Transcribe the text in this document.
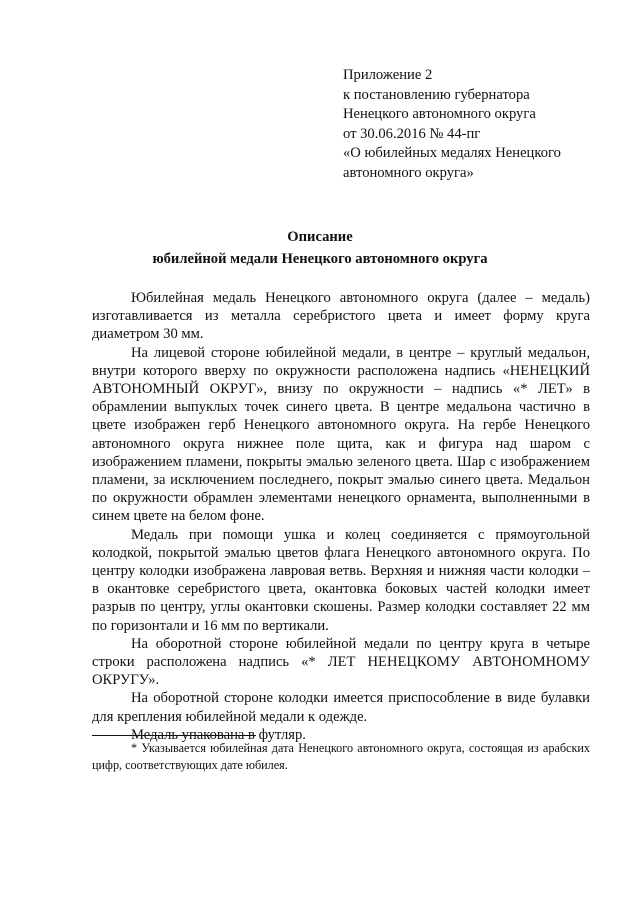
Приложение 2
к постановлению губернатора
Ненецкого автономного округа
от 30.06.2016 № 44-пг
«О юбилейных медалях Ненецкого
автономного округа»
Описание
юбилейной медали Ненецкого автономного округа

Юбилейная медаль Ненецкого автономного округа (далее – медаль) изготавливается из металла серебристого цвета и имеет форму круга диаметром 30 мм.

На лицевой стороне юбилейной медали, в центре – круглый медальон, внутри которого вверху по окружности расположена надпись «НЕНЕЦКИЙ АВТОНОМНЫЙ ОКРУГ», внизу по окружности – надпись «* ЛЕТ» в обрамлении выпуклых точек синего цвета. В центре медальона частично в цвете изображен герб Ненецкого автономного округа. На гербе Ненецкого автономного округа нижнее поле щита, как и фигура над шаром с изображением пламени, покрыты эмалью зеленого цвета. Шар с изображением пламени, за исключением последнего, покрыт эмалью синего цвета. Медальон по окружности обрамлен элементами ненецкого орнамента, выполненными в синем цвете на белом фоне.

Медаль при помощи ушка и колец соединяется с прямоугольной колодкой, покрытой эмалью цветов флага Ненецкого автономного округа. По центру колодки изображена лавровая ветвь. Верхняя и нижняя части колодки – в окантовке серебристого цвета, окантовка боковых частей колодки имеет разрыв по центру, углы окантовки скошены. Размер колодки составляет 22 мм по горизонтали и 16 мм по вертикали.

На оборотной стороне юбилейной медали по центру круга в четыре строки расположена надпись «* ЛЕТ НЕНЕЦКОМУ АВТОНОМНОМУ ОКРУГУ».

На оборотной стороне колодки имеется приспособление в виде булавки для крепления юбилейной медали к одежде.

Медаль упакована в футляр.

* Указывается юбилейная дата Ненецкого автономного округа, состоящая из арабских цифр, соответствующих дате юбилея.
